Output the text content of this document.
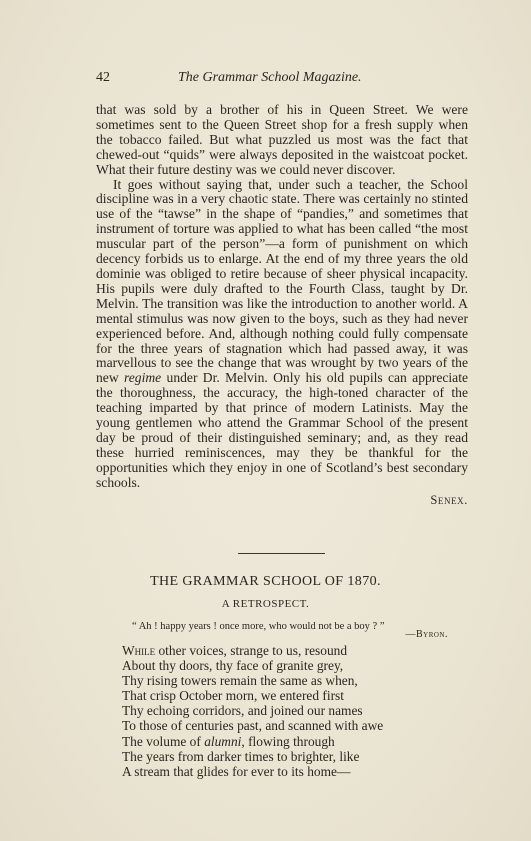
42	The Grammar School Magazine.

that was sold by a brother of his in Queen Street. We were sometimes sent to the Queen Street shop for a fresh supply when the tobacco failed. But what puzzled us most was the fact that chewed-out “quids” were always deposited in the waistcoat pocket. What their future destiny was we could never discover.

It goes without saying that, under such a teacher, the School discipline was in a very chaotic state. There was certainly no stinted use of the “tawse” in the shape of “pandies,” and sometimes that instrument of torture was applied to what has been called “the most muscular part of the person”—a form of punishment on which decency forbids us to enlarge. At the end of my three years the old dominie was obliged to retire because of sheer physical incapacity. His pupils were duly drafted to the Fourth Class, taught by Dr. Melvin. The transition was like the introduction to another world. A mental stimulus was now given to the boys, such as they had never experienced before. And, although nothing could fully compensate for the three years of stagnation which had passed away, it was marvellous to see the change that was wrought by two years of the new regime under Dr. Melvin. Only his old pupils can appreciate the thoroughness, the accuracy, the high-toned character of the teaching imparted by that prince of modern Latinists. May the young gentlemen who attend the Grammar School of the present day be proud of their distinguished seminary; and, as they read these hurried reminiscences, may they be thankful for the opportunities which they enjoy in one of Scotland’s best secondary schools.

Senex.
THE GRAMMAR SCHOOL OF 1870.
A RETROSPECT.
“ Ah ! happy years ! once more, who would not be a boy ? ”
—Byron.
While other voices, strange to us, resound
About thy doors, thy face of granite grey,
Thy rising towers remain the same as when,
That crisp October morn, we entered first
Thy echoing corridors, and joined our names
To those of centuries past, and scanned with awe
The volume of alumni, flowing through
The years from darker times to brighter, like
A stream that glides for ever to its home—
